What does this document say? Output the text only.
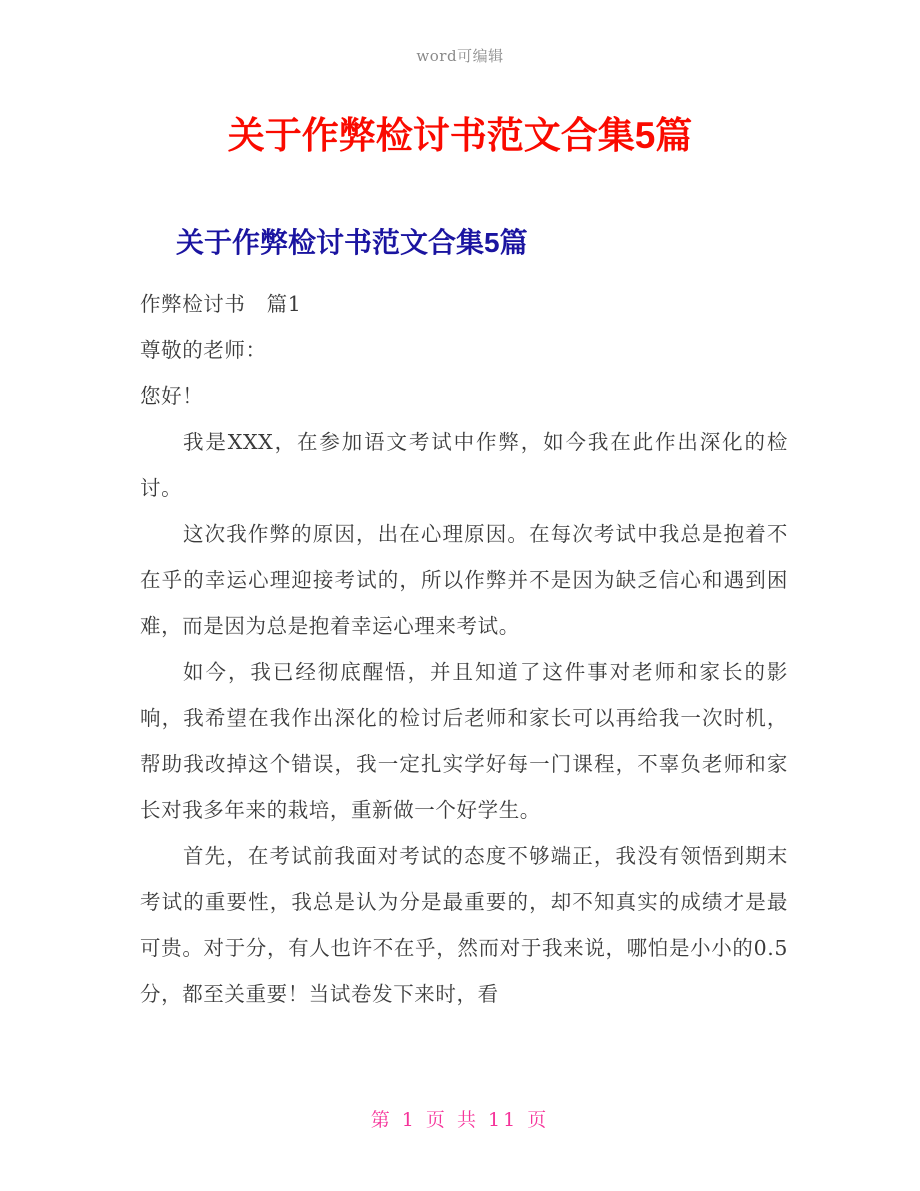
word可编辑
关于作弊检讨书范文合集5篇
关于作弊检讨书范文合集5篇

作弊检讨书　篇1

尊敬的老师：

您好！

我是XXX，在参加语文考试中作弊，如今我在此作出深化的检讨。

这次我作弊的原因，出在心理原因。在每次考试中我总是抱着不在乎的幸运心理迎接考试的，所以作弊并不是因为缺乏信心和遇到困难，而是因为总是抱着幸运心理来考试。

如今，我已经彻底醒悟，并且知道了这件事对老师和家长的影响，我希望在我作出深化的检讨后老师和家长可以再给我一次时机，帮助我改掉这个错误，我一定扎实学好每一门课程，不辜负老师和家长对我多年来的栽培，重新做一个好学生。

首先，在考试前我面对考试的态度不够端正，我没有领悟到期末考试的重要性，我总是认为分是最重要的，却不知真实的成绩才是最可贵。对于分，有人也许不在乎，然而对于我来说，哪怕是小小的0.5分，都至关重要！当试卷发下来时，看

第 1 页 共 11 页
